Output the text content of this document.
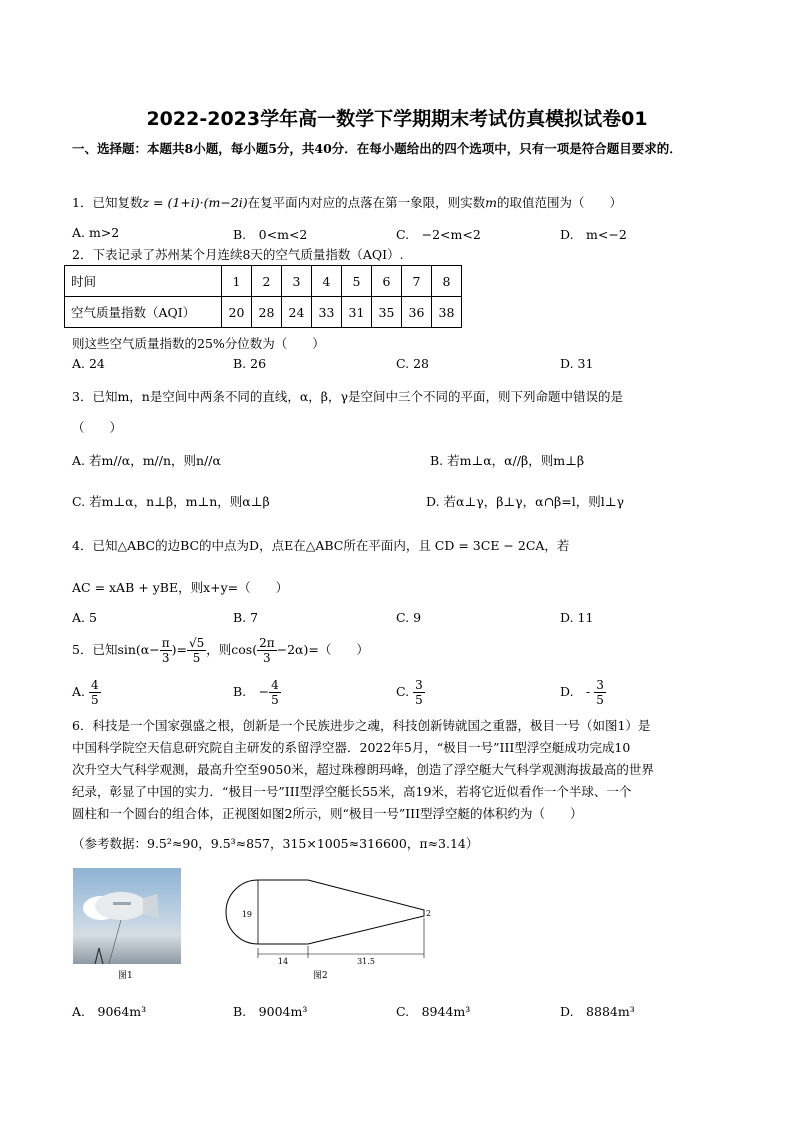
2022-2023学年高一数学下学期期末考试仿真模拟试卷01
一、选择题：本题共8小题，每小题5分，共40分．在每小题给出的四个选项中，只有一项是符合题目要求的．
1．已知复数z = (1+i)·(m−2i)在复平面内对应的点落在第一象限，则实数m的取值范围为（　　）
A. m>2	B.　0<m<2	C.　−2<m<2	D.　m<−2
2．下表记录了苏州某个月连续8天的空气质量指数（AQI）.
时间	1	2	3	4	5	6	7	8
空气质量指数（AQI）	20	28	24	33	31	35	36	38
则这些空气质量指数的25%分位数为（　　）
A. 24	B. 26	C. 28	D. 31
3．已知m，n是空间中两条不同的直线，α，β，γ是空间中三个不同的平面，则下列命题中错误的是
（　　）
A. 若m//α，m//n，则n//α	B. 若m⊥α，α//β，则m⊥β
C. 若m⊥α，n⊥β，m⊥n，则α⊥β	D. 若α⊥γ，β⊥γ，α∩β=l，则l⊥γ
4．已知△ABC的边BC的中点为D，点E在△ABC所在平面内，且 CD = 3CE − 2CA，若
AC = xAB + yBE，则x+y=（　　）
A. 5	B. 7	C. 9	D. 11
5．已知$\sin(\alpha- \frac{\pi}{3}$ )= $\frac{√5}{5}$ ，则$\cos( \frac{2\pi}{3} -2\alpha)=$（　　）
A. $\frac{4}{5}$	B.　− $\frac{4}{5}$	C. $\frac{3}{5}$	D.　- $\frac{3}{5}$
6．科技是一个国家强盛之根，创新是一个民族进步之魂，科技创新铸就国之重器，极目一号（如图1）是
中国科学院空天信息研究院自主研发的系留浮空器．2022年5月，“极目一号”III型浮空艇成功完成10
次升空大气科学观测，最高升空至9050米，超过珠穆朗玛峰，创造了浮空艇大气科学观测海拔最高的世界
纪录，彰显了中国的实力．“极目一号”III型浮空艇长55米，高19米，若将它近似看作一个半球、一个
圆柱和一个圆台的组合体，正视图如图2所示，则“极目一号”III型浮空艇的体积约为（　　）
（参考数据：9.5²≈90，9.5³≈857，315×1005≈316600，π≈3.14）
图1
19	2
14	31.5
图2
A.　9064m³	B.　9004m³	C.　8944m³	D.　8884m³
